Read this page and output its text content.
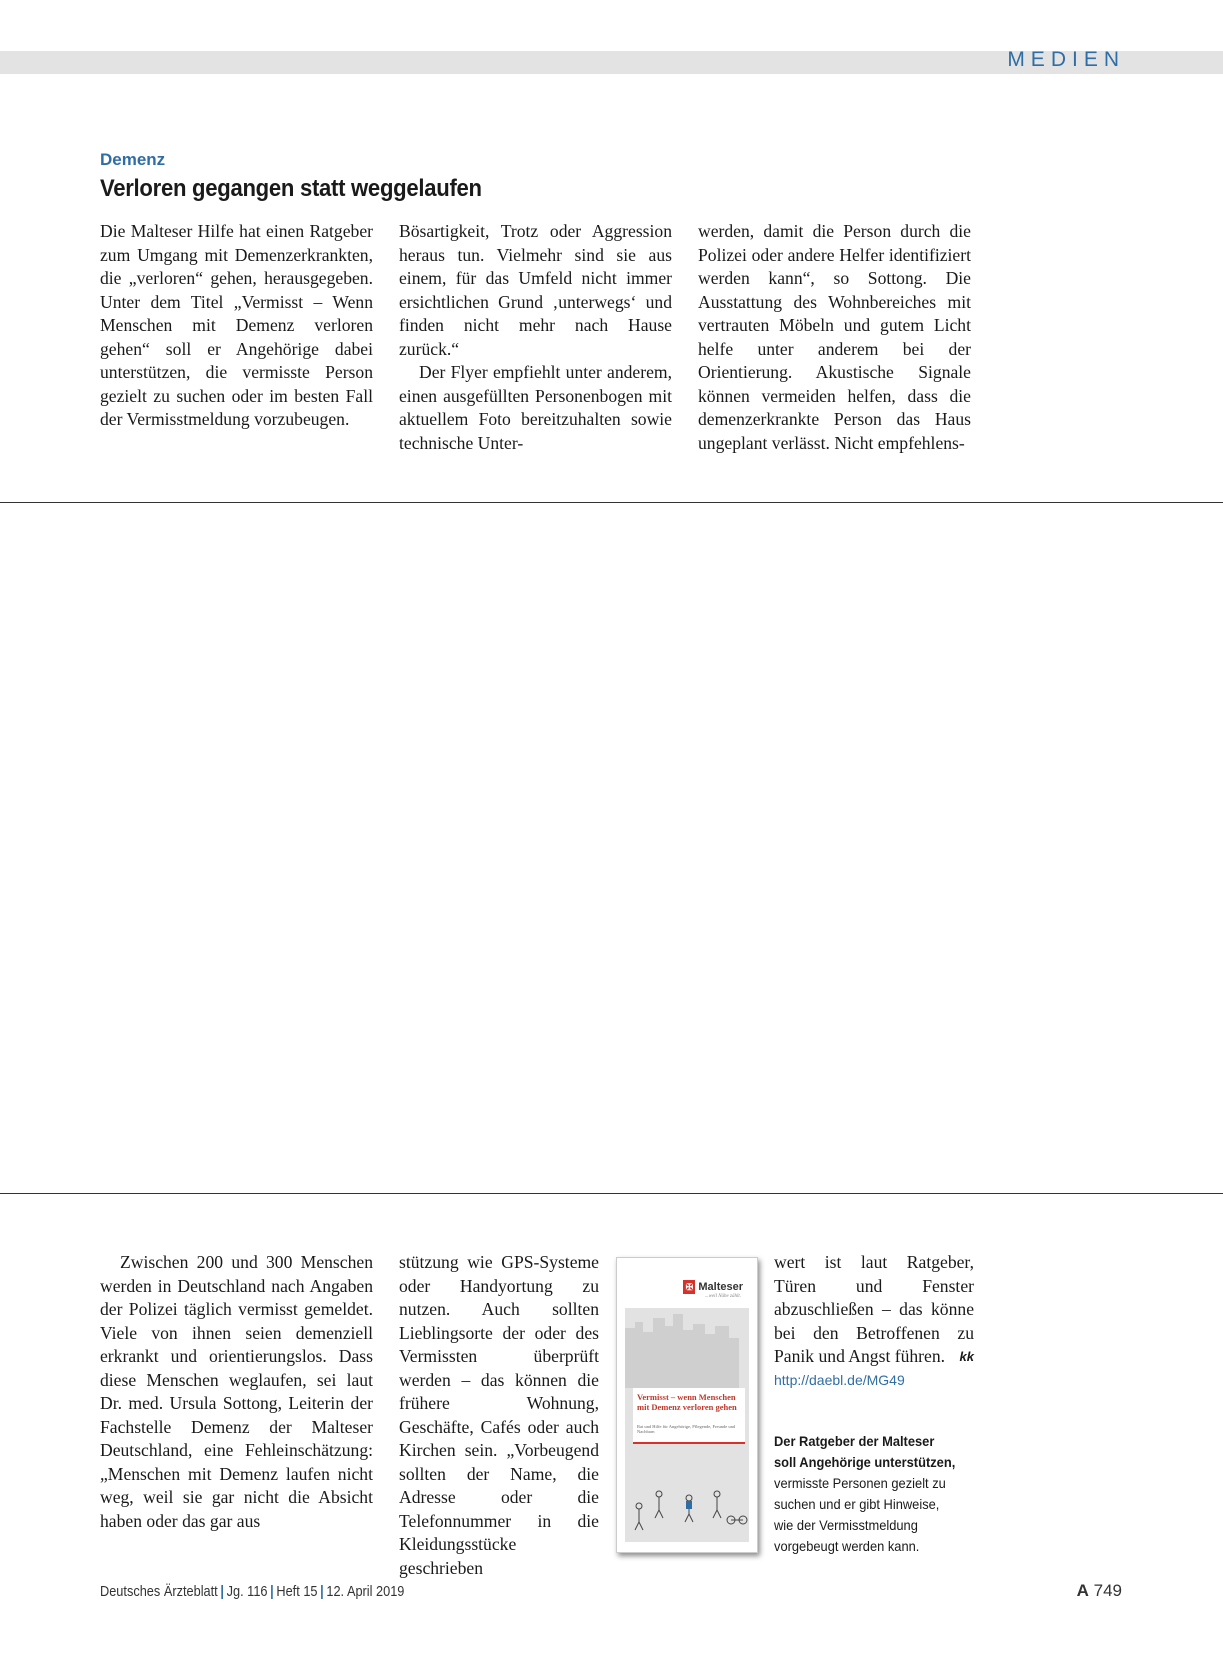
MEDIEN
Demenz
Verloren gegangen statt weggelaufen

Die Malteser Hilfe hat einen Ratgeber zum Umgang mit Demenzerkrankten, die „verloren“ gehen, herausgegeben. Unter dem Titel „Vermisst – Wenn Menschen mit Demenz verloren gehen“ soll er Angehörige dabei unterstützen, die vermisste Person gezielt zu suchen oder im besten Fall der Vermisstmeldung vorzubeugen.

Bösartigkeit, Trotz oder Aggression heraus tun. Vielmehr sind sie aus einem, für das Umfeld nicht immer ersichtlichen Grund ‚unterwegs‘ und finden nicht mehr nach Hause zurück.“

Der Flyer empfiehlt unter anderem, einen ausgefüllten Personenbogen mit aktuellem Foto bereitzuhalten sowie technische Unter-

werden, damit die Person durch die Polizei oder andere Helfer identifiziert werden kann“, so Sottong. Die Ausstattung des Wohnbereiches mit vertrauten Möbeln und gutem Licht helfe unter anderem bei der Orientierung. Akustische Signale können vermeiden helfen, dass die demenzerkrankte Person das Haus ungeplant verlässt. Nicht empfehlens-

Zwischen 200 und 300 Menschen werden in Deutschland nach Angaben der Polizei täglich vermisst gemeldet. Viele von ihnen seien demenziell erkrankt und orientierungslos. Dass diese Menschen weglaufen, sei laut Dr. med. Ursula Sottong, Leiterin der Fachstelle Demenz der Malteser Deutschland, eine Fehleinschätzung: „Menschen mit Demenz laufen nicht weg, weil sie gar nicht die Absicht haben oder das gar aus

stützung wie GPS-Systeme oder Handyortung zu nutzen. Auch sollten Lieblingsorte der oder des Vermissten überprüft werden – das können die frühere Wohnung, Geschäfte, Cafés oder auch Kirchen sein. „Vorbeugend sollten der Name, die Adresse oder die Telefonnummer in die Kleidungsstücke geschrieben

wert ist laut Ratgeber, Türen und Fenster abzuschließen – das könne bei den Betroffenen zu Panik und Angst führen. kk

http://daebl.de/MG49
✠ Malteser
...weil Nähe zählt.
Vermisst – wenn Menschen mit Demenz verloren gehen
Rat und Hilfe für Angehörige, Pflegende, Freunde und Nachbarn
Der Ratgeber der Malteser soll Angehörige unterstützen, vermisste Personen gezielt zu suchen und er gibt Hinweise, wie der Vermisstmeldung vorgebeugt werden kann.
Deutsches Ärzteblatt | Jg. 116 | Heft 15 | 12. April 2019	A 749
